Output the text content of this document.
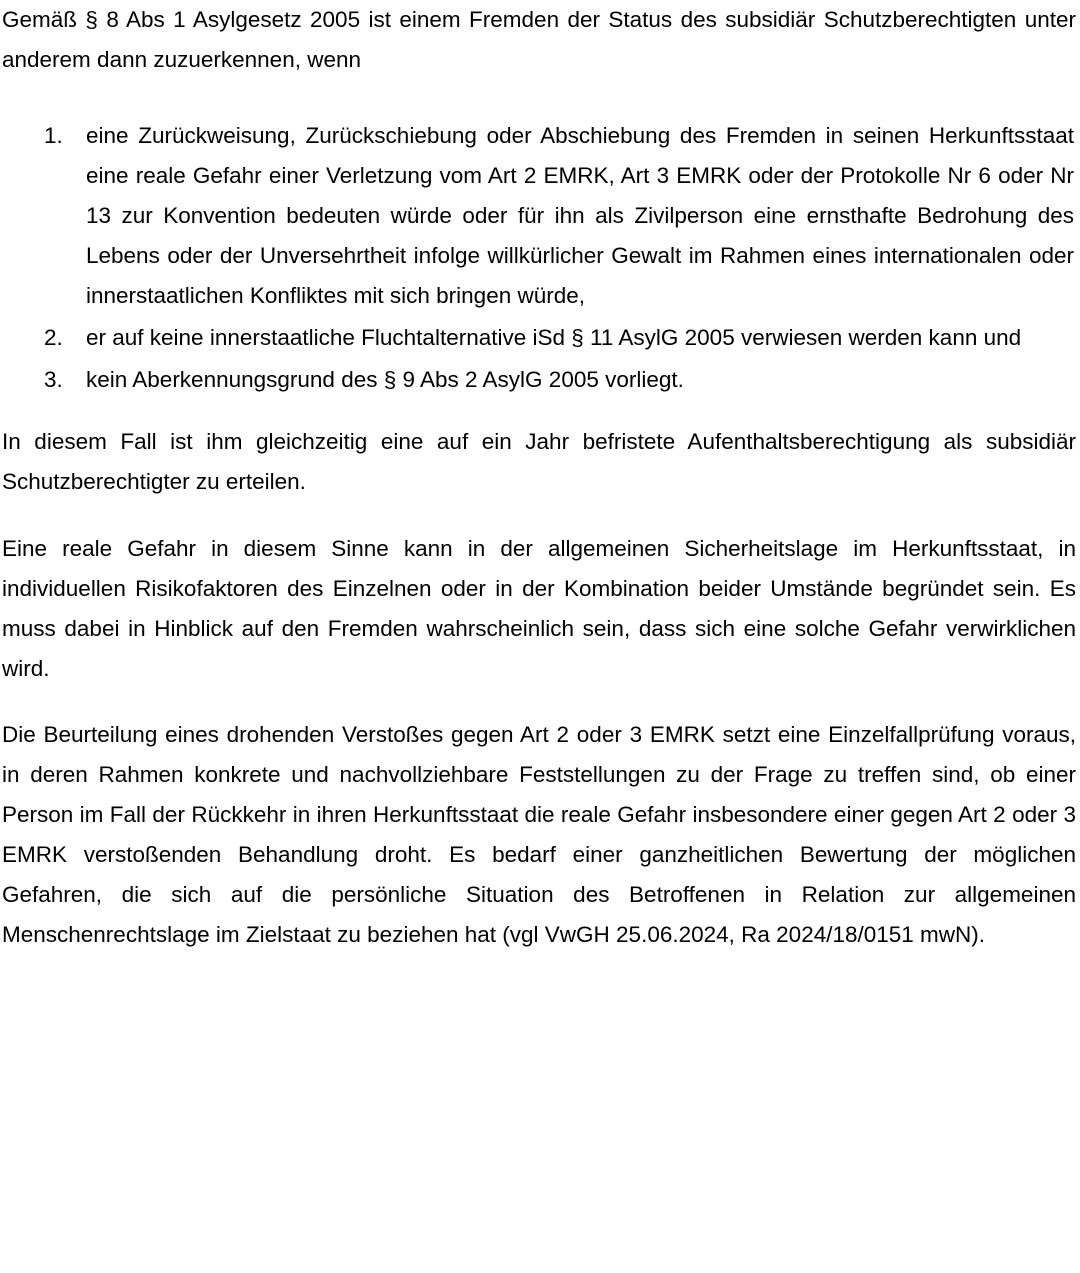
Gemäß § 8 Abs 1 Asylgesetz 2005 ist einem Fremden der Status des subsidiär Schutzberechtigten unter anderem dann zuzuerkennen, wenn

1.	eine Zurückweisung, Zurückschiebung oder Abschiebung des Fremden in seinen Herkunftsstaat eine reale Gefahr einer Verletzung vom Art 2 EMRK, Art 3 EMRK oder der Protokolle Nr 6 oder Nr 13 zur Konvention bedeuten würde oder für ihn als Zivilperson eine ernsthafte Bedrohung des Lebens oder der Unversehrtheit infolge willkürlicher Gewalt im Rahmen eines internationalen oder innerstaatlichen Konfliktes mit sich bringen würde,
2.	er auf keine innerstaatliche Fluchtalternative iSd § 11 AsylG 2005 verwiesen werden kann und
3.	kein Aberkennungsgrund des § 9 Abs 2 AsylG 2005 vorliegt.

In diesem Fall ist ihm gleichzeitig eine auf ein Jahr befristete Aufenthaltsberechtigung als subsidiär Schutzberechtigter zu erteilen.

Eine reale Gefahr in diesem Sinne kann in der allgemeinen Sicherheitslage im Herkunftsstaat, in individuellen Risikofaktoren des Einzelnen oder in der Kombination beider Umstände begründet sein. Es muss dabei in Hinblick auf den Fremden wahrscheinlich sein, dass sich eine solche Gefahr verwirklichen wird.

Die Beurteilung eines drohenden Verstoßes gegen Art 2 oder 3 EMRK setzt eine Einzelfallprüfung voraus, in deren Rahmen konkrete und nachvollziehbare Feststellungen zu der Frage zu treffen sind, ob einer Person im Fall der Rückkehr in ihren Herkunftsstaat die reale Gefahr insbesondere einer gegen Art 2 oder 3 EMRK verstoßenden Behandlung droht. Es bedarf einer ganzheitlichen Bewertung der möglichen Gefahren, die sich auf die persönliche Situation des Betroffenen in Relation zur allgemeinen Menschenrechtslage im Zielstaat zu beziehen hat (vgl VwGH 25.06.2024, Ra 2024/18/0151 mwN).
